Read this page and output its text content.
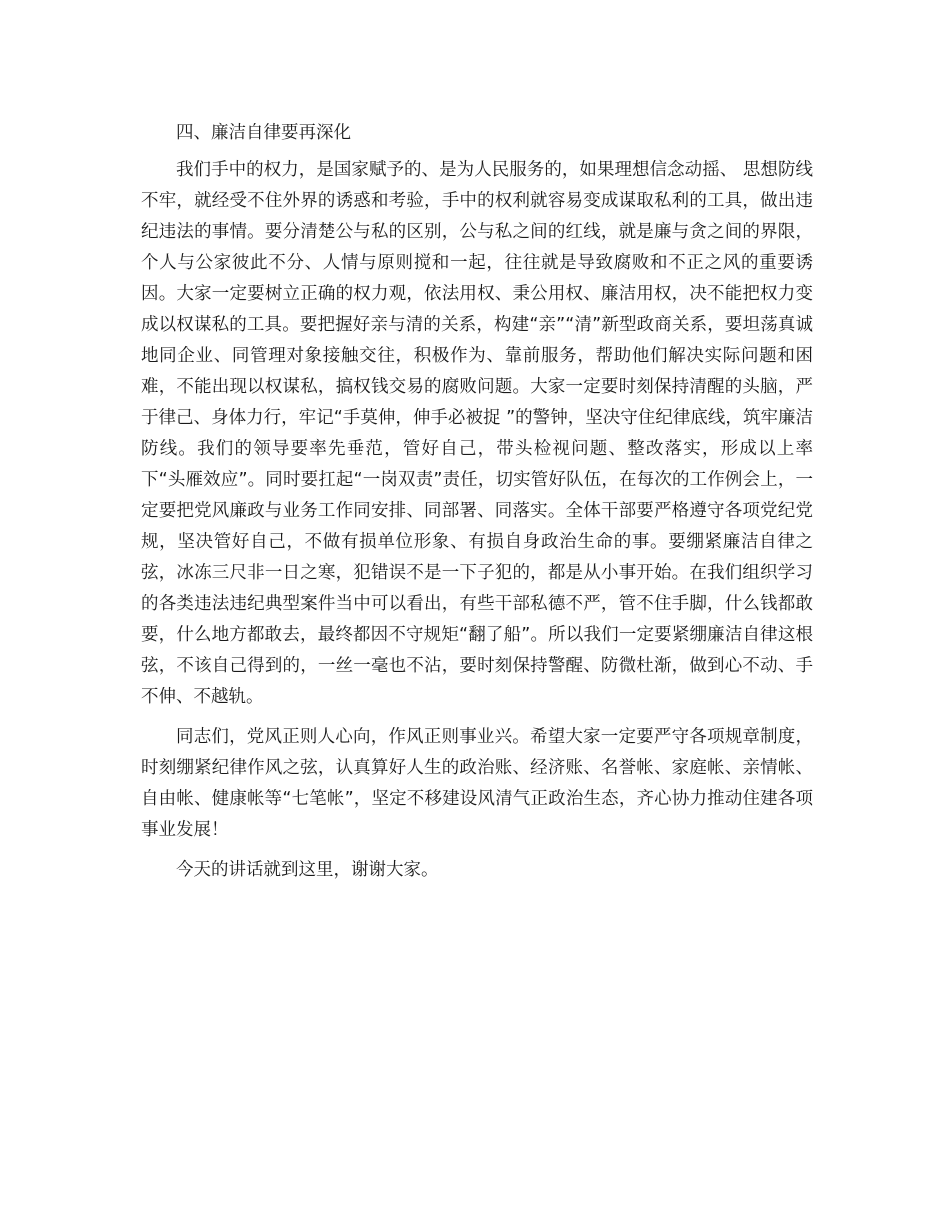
四、廉洁自律要再深化

我们手中的权力，是国家赋予的、是为人民服务的，如果理想信念动摇、 思想防线不牢，就经受不住外界的诱惑和考验，手中的权利就容易变成谋取私利的工具，做出违纪违法的事情。要分清楚公与私的区别，公与私之间的红线，就是廉与贪之间的界限，个人与公家彼此不分、人情与原则搅和一起，往往就是导致腐败和不正之风的重要诱因。大家一定要树立正确的权力观，依法用权、秉公用权、廉洁用权，决不能把权力变成以权谋私的工具。要把握好亲与清的关系，构建“亲”“清”新型政商关系，要坦荡真诚地同企业、同管理对象接触交往，积极作为、靠前服务，帮助他们解决实际问题和困难，不能出现以权谋私，搞权钱交易的腐败问题。大家一定要时刻保持清醒的头脑，严于律己、身体力行，牢记“手莫伸，伸手必被捉 ”的警钟，坚决守住纪律底线，筑牢廉洁防线。我们的领导要率先垂范，管好自己，带头检视问题、整改落实，形成以上率下“头雁效应”。同时要扛起“一岗双责”责任，切实管好队伍，在每次的工作例会上，一定要把党风廉政与业务工作同安排、同部署、同落实。全体干部要严格遵守各项党纪党规，坚决管好自己，不做有损单位形象、有损自身政治生命的事。要绷紧廉洁自律之弦，冰冻三尺非一日之寒，犯错误不是一下子犯的，都是从小事开始。在我们组织学习的各类违法违纪典型案件当中可以看出，有些干部私德不严，管不住手脚，什么钱都敢要，什么地方都敢去，最终都因不守规矩“翻了船”。所以我们一定要紧绷廉洁自律这根弦，不该自己得到的，一丝一毫也不沾，要时刻保持警醒、防微杜渐，做到心不动、手不伸、不越轨。

同志们，党风正则人心向，作风正则事业兴。希望大家一定要严守各项规章制度，时刻绷紧纪律作风之弦，认真算好人生的政治账、经济账、名誉帐、家庭帐、亲情帐、自由帐、健康帐等“七笔帐”，坚定不移建设风清气正政治生态，齐心协力推动住建各项事业发展！

今天的讲话就到这里，谢谢大家。
